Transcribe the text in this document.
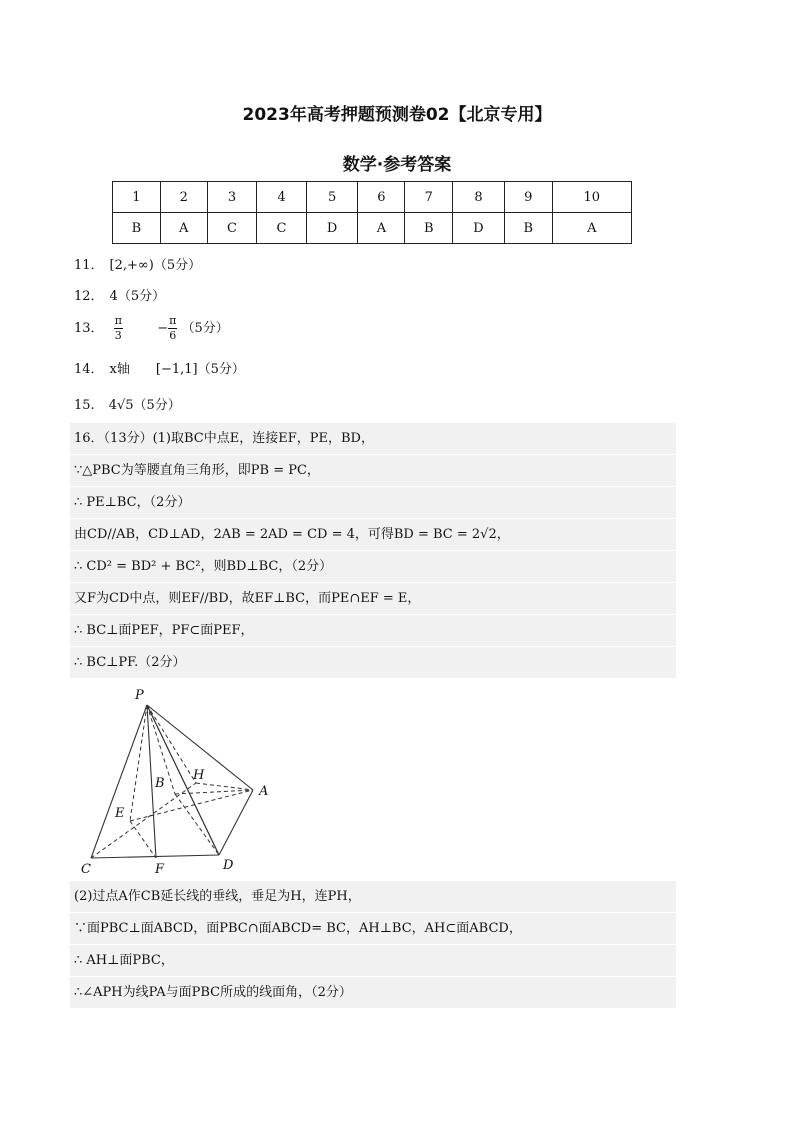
2023年高考押题预测卷02【北京专用】
数学·参考答案
1	2	3	4	5	6	7	8	9	10
B	A	C	C	D	A	B	D	B	A
11． [2,+∞)（5分）
12． 4（5分）
13． $\frac{\pi}{3}$	− $\frac{\pi}{6} (5$分）
14． x轴 [−1,1]（5分）
15. 4√5（5分）
16．（13分）(1)取BC中点E，连接EF，PE，BD，
∵△PBC为等腰直角三角形，即PB = PC，
∴ PE⊥BC，（2分）
由CD//AB，CD⊥AD，2AB = 2AD = CD = 4，可得BD = BC = 2√2，
∴ CD² = BD² + BC²，则BD⊥BC，（2分）
又F为CD中点，则EF//BD，故EF⊥BC，而PE∩EF = E，
∴ BC⊥面PEF，PF⊂面PEF，
∴ BC⊥PF.（2分）
P
A
B
H
E
C	F	D
(2)过点A作CB延长线的垂线，垂足为H，连PH，
∵面PBC⊥面ABCD，面PBC∩面ABCD= BC，AH⊥BC，AH⊂面ABCD，
∴ AH⊥面PBC，
∴∠APH为线PA与面PBC所成的线面角，（2分）
